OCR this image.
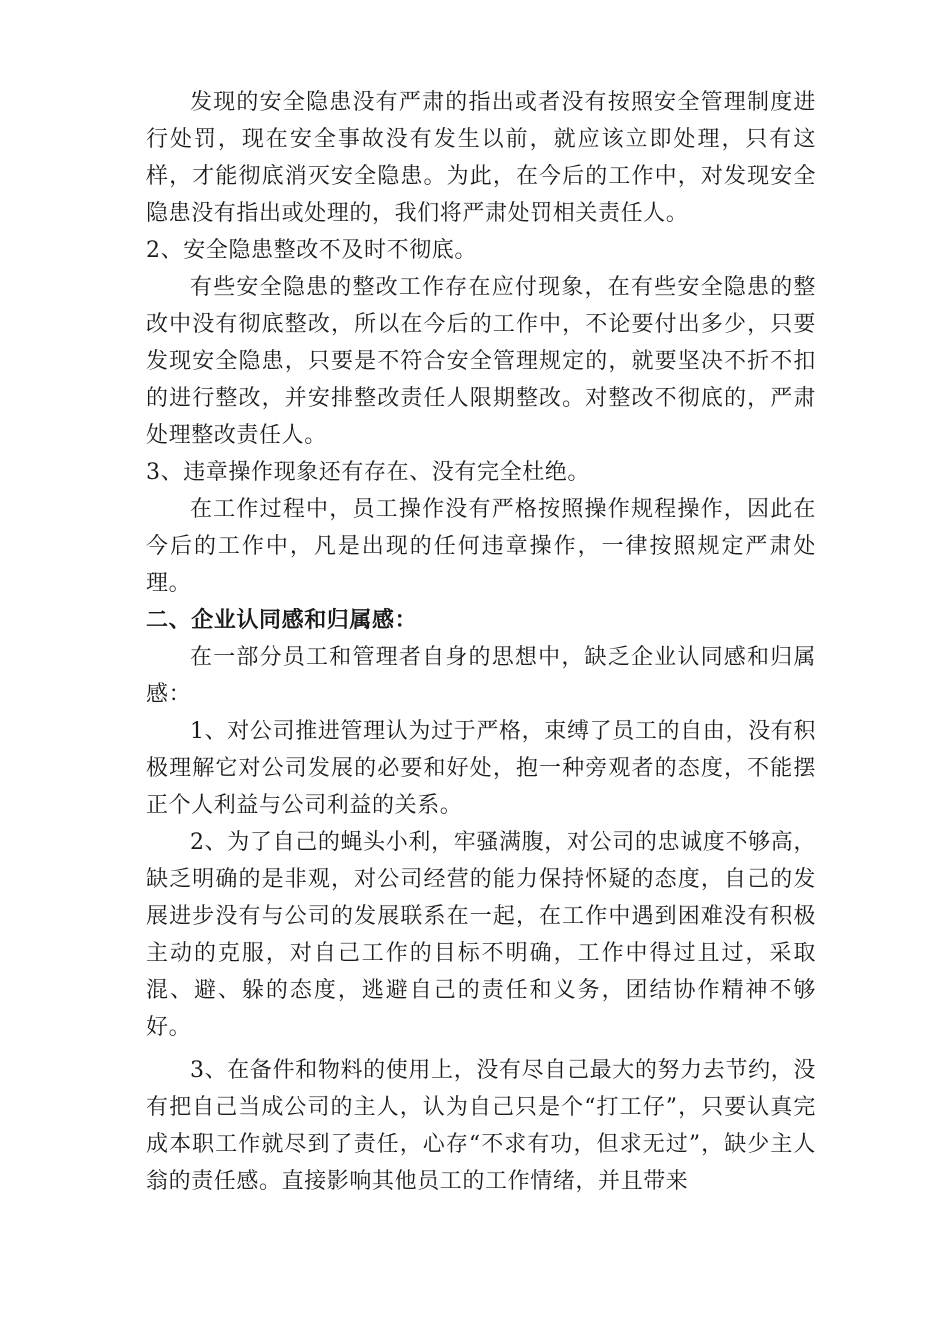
发现的安全隐患没有严肃的指出或者没有按照安全管理制度进行处罚，现在安全事故没有发生以前，就应该立即处理，只有这样，才能彻底消灭安全隐患。为此，在今后的工作中，对发现安全隐患没有指出或处理的，我们将严肃处罚相关责任人。

2、安全隐患整改不及时不彻底。

有些安全隐患的整改工作存在应付现象，在有些安全隐患的整改中没有彻底整改，所以在今后的工作中，不论要付出多少，只要发现安全隐患，只要是不符合安全管理规定的，就要坚决不折不扣的进行整改，并安排整改责任人限期整改。对整改不彻底的，严肃处理整改责任人。

3、违章操作现象还有存在、没有完全杜绝。

在工作过程中，员工操作没有严格按照操作规程操作，因此在今后的工作中，凡是出现的任何违章操作，一律按照规定严肃处理。

二、企业认同感和归属感：

在一部分员工和管理者自身的思想中，缺乏企业认同感和归属感：

1、对公司推进管理认为过于严格，束缚了员工的自由，没有积极理解它对公司发展的必要和好处，抱一种旁观者的态度，不能摆正个人利益与公司利益的关系。

2、为了自己的蝇头小利，牢骚满腹，对公司的忠诚度不够高，缺乏明确的是非观，对公司经营的能力保持怀疑的态度，自己的发展进步没有与公司的发展联系在一起，在工作中遇到困难没有积极主动的克服，对自己工作的目标不明确，工作中得过且过，采取混、避、躲的态度，逃避自己的责任和义务，团结协作精神不够好。

3、在备件和物料的使用上，没有尽自己最大的努力去节约，没有把自己当成公司的主人，认为自己只是个“打工仔”，只要认真完成本职工作就尽到了责任，心存“不求有功，但求无过”，缺少主人翁的责任感。直接影响其他员工的工作情绪，并且带来
